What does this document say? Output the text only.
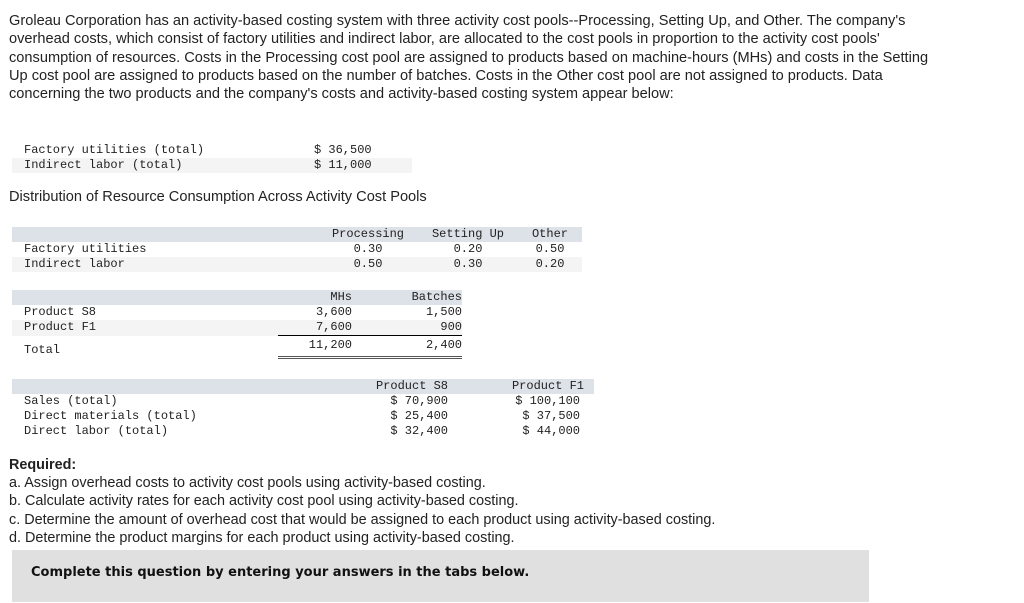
Groleau Corporation has an activity-based costing system with three activity cost pools--Processing, Setting Up, and Other. The company's overhead costs, which consist of factory utilities and indirect labor, are allocated to the cost pools in proportion to the activity cost pools' consumption of resources. Costs in the Processing cost pool are assigned to products based on machine-hours (MHs) and costs in the Setting Up cost pool are assigned to products based on the number of batches. Costs in the Other cost pool are not assigned to products. Data concerning the two products and the company's costs and activity-based costing system appear below:
	Factory utilities (total)	$ 36,500
	Indirect labor (total)	$ 11,000
Distribution of Resource Consumption Across Activity Cost Pools
		Processing	Setting Up	Other
	Factory utilities	0.30	0.20	0.50
	Indirect labor	0.50	0.30	0.20
		MHs	Batches
	Product S8	3,600	1,500
	Product F1	7,600	900
	Total	11,200	2,400
		Product S8	Product F1
	Sales (total)	$ 70,900	$ 100,100
	Direct materials (total)	$ 25,400	$ 37,500
	Direct labor (total)	$ 32,400	$ 44,000
Required:
a. Assign overhead costs to activity cost pools using activity-based costing.
b. Calculate activity rates for each activity cost pool using activity-based costing.
c. Determine the amount of overhead cost that would be assigned to each product using activity-based costing.
d. Determine the product margins for each product using activity-based costing.
Complete this question by entering your answers in the tabs below.
